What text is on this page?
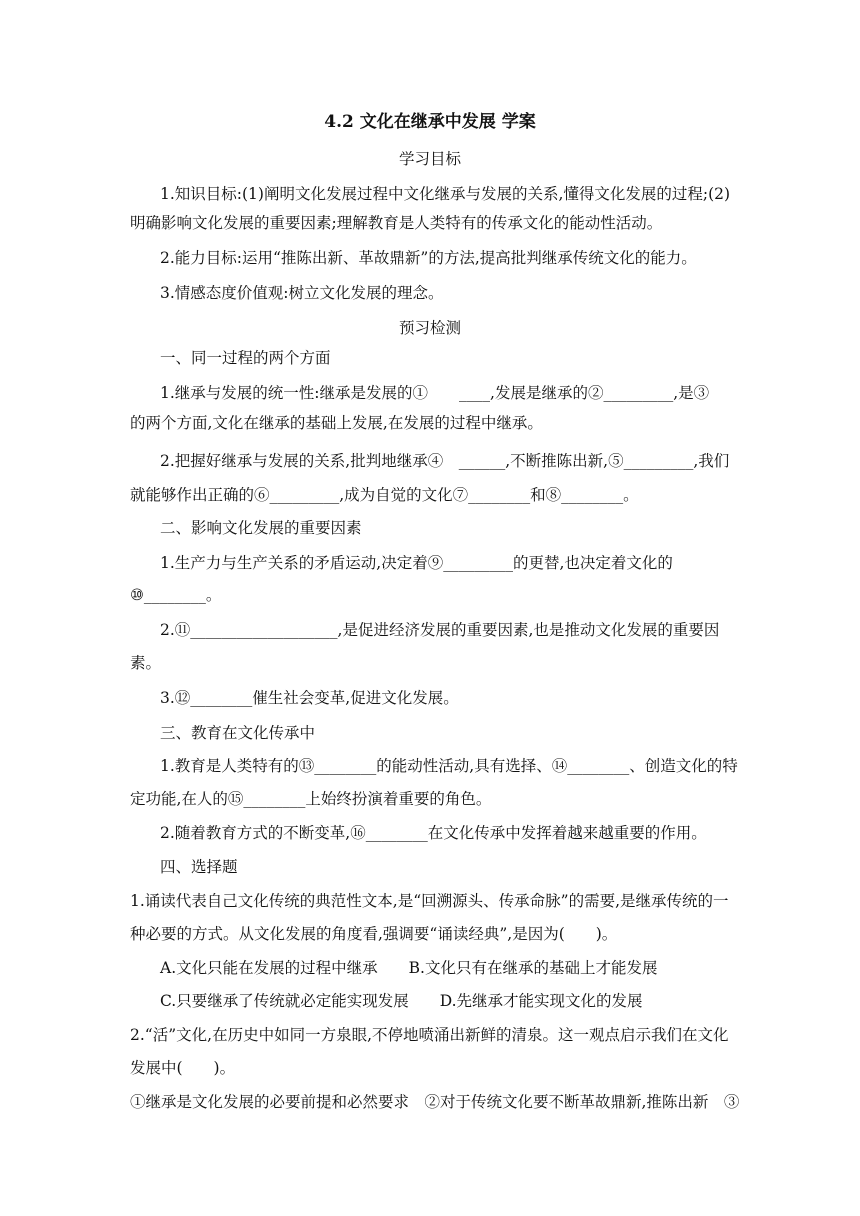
4.2 文化在继承中发展 学案
学习目标
1.知识目标:(1)阐明文化发展过程中文化继承与发展的关系,懂得文化发展的过程;(2)
明确影响文化发展的重要因素;理解教育是人类特有的传承文化的能动性活动。
2.能力目标:运用“推陈出新、革故鼎新”的方法,提高批判继承传统文化的能力。
3.情感态度价值观:树立文化发展的理念。
预习检测
一、同一过程的两个方面
1.继承与发展的统一性:继承是发展的①　　____,发展是继承的②_________,是③
的两个方面,文化在继承的基础上发展,在发展的过程中继承。
2.把握好继承与发展的关系,批判地继承④　______,不断推陈出新,⑤_________,我们
就能够作出正确的⑥_________,成为自觉的文化⑦________和⑧________。
二、影响文化发展的重要因素
1.生产力与生产关系的矛盾运动,决定着⑨_________的更替,也决定着文化的
⑩________。
2.⑪___________________,是促进经济发展的重要因素,也是推动文化发展的重要因
素。
3.⑫________催生社会变革,促进文化发展。
三、教育在文化传承中
1.教育是人类特有的⑬________的能动性活动,具有选择、⑭________、创造文化的特
定功能,在人的⑮________上始终扮演着重要的角色。
2.随着教育方式的不断变革,⑯________在文化传承中发挥着越来越重要的作用。
四、选择题
1.诵读代表自己文化传统的典范性文本,是“回溯源头、传承命脉”的需要,是继承传统的一
种必要的方式。从文化发展的角度看,强调要“诵读经典”,是因为(　　)。
A.文化只能在发展的过程中继承　　B.文化只有在继承的基础上才能发展
C.只要继承了传统就必定能实现发展　　D.先继承才能实现文化的发展
2.“活”文化,在历史中如同一方泉眼,不停地喷涌出新鲜的清泉。这一观点启示我们在文化
发展中(　　)。
①继承是文化发展的必要前提和必然要求　②对于传统文化要不断革故鼎新,推陈出新　③
